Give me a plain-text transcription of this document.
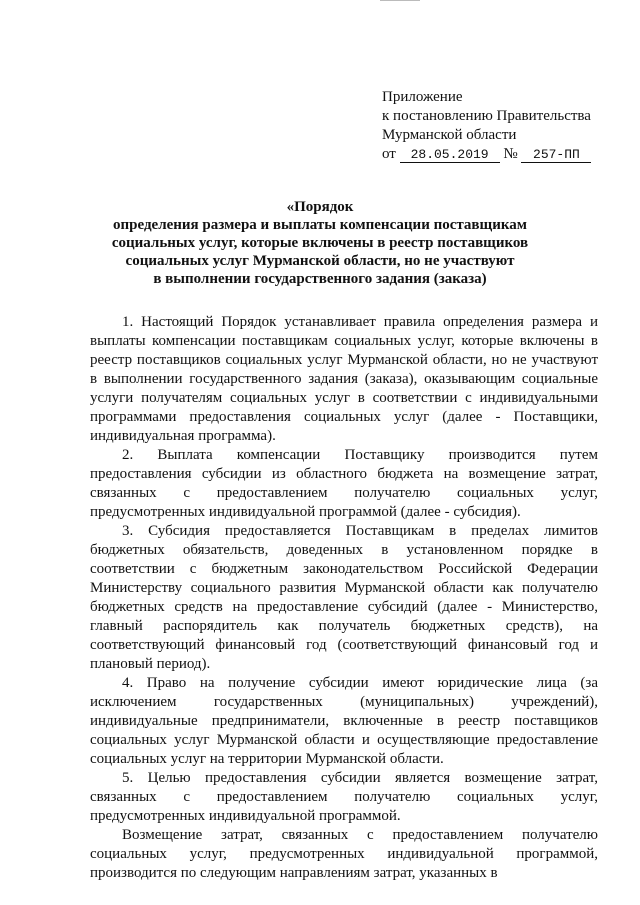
Приложение
к постановлению Правительства
Мурманской области
от 28.05.2019 № 257-ПП
«Порядок
определения размера и выплаты компенсации поставщикам
социальных услуг, которые включены в реестр поставщиков
социальных услуг Мурманской области, но не участвуют
в выполнении государственного задания (заказа)

1. Настоящий Порядок устанавливает правила определения размера и выплаты компенсации поставщикам социальных услуг, которые включены в реестр поставщиков социальных услуг Мурманской области, но не участвуют в выполнении государственного задания (заказа), оказывающим социальные услуги получателям социальных услуг в соответствии с индивидуальными программами предоставления социальных услуг (далее - Поставщики, индивидуальная программа).

2. Выплата компенсации Поставщику производится путем предоставления субсидии из областного бюджета на возмещение затрат, связанных с предоставлением получателю социальных услуг, предусмотренных индивидуальной программой (далее - субсидия).

3. Субсидия предоставляется Поставщикам в пределах лимитов бюджетных обязательств, доведенных в установленном порядке в соответствии с бюджетным законодательством Российской Федерации Министерству социального развития Мурманской области как получателю бюджетных средств на предоставление субсидий (далее - Министерство, главный распорядитель как получатель бюджетных средств), на соответствующий финансовый год (соответствующий финансовый год и плановый период).

4. Право на получение субсидии имеют юридические лица (за исключением государственных (муниципальных) учреждений), индивидуальные предприниматели, включенные в реестр поставщиков социальных услуг Мурманской области и осуществляющие предоставление социальных услуг на территории Мурманской области.

5. Целью предоставления субсидии является возмещение затрат, связанных с предоставлением получателю социальных услуг, предусмотренных индивидуальной программой.

Возмещение затрат, связанных с предоставлением получателю социальных услуг, предусмотренных индивидуальной программой, производится по следующим направлениям затрат, указанных в
